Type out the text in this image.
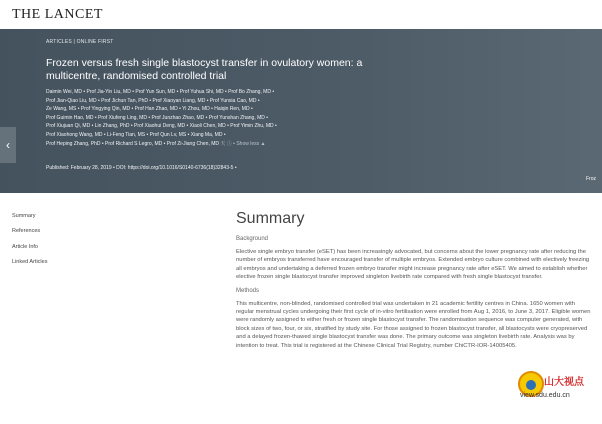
THE LANCET
ARTICLES | ONLINE FIRST
Frozen versus fresh single blastocyst transfer in ovulatory women: a
multicentre, randomised controlled trial
Daimin Wei, MD • Prof Jia-Yin Liu, MD • Prof Yun Sun, MD • Prof Yuhua Shi, MD • Prof Bo Zhang, MD •
Prof Jian-Qiao Liu, MD • Prof Jichun Tan, PhD • Prof Xiaoyan Liang, MD • Prof Yunxia Cao, MD •
Ze Wang, MS • Prof Yingying Qin, MD • Prof Han Zhao, MD • Yi Zhou, MD • Haiqin Ren, MD •
Prof Guimin Hao, MD • Prof Xiufeng Ling, MD • Prof Junzhao Zhao, MD • Prof Yunshan Zhang, MD •
Prof Xiujuan Qi, MD • Lin Zhang, PhD • Prof Xiaohui Deng, MD • Xiaoli Chen, MD • Prof Yimin Zhu, MD •
Prof Xiaohong Wang, MD • Li-Feng Tian, MS • Prof Qun Lv, MS • Xiang Ma, MD •
Prof Heping Zhang, PhD • Prof Richard S Legro, MD • Prof Zi-Jiang Chen, MD 天 ⓘ • Show less ▲
Published: February 28, 2019 • DOI: https://doi.org/10.1016/S0140-6736(18)32843-5 •
‹
Froz
Summary
References
Article Info
Linked Articles
Summary
Background

Elective single embryo transfer (eSET) has been increasingly advocated, but concerns about the lower pregnancy rate after reducing the number of embryos transferred have encouraged transfer of multiple embryos. Extended embryo culture combined with electively freezing all embryos and undertaking a deferred frozen embryo transfer might increase pregnancy rate after eSET. We aimed to establish whether elective frozen single blastocyst transfer improved singleton livebirth rate compared with fresh single blastocyst transfer.

Methods

This multicentre, non-blinded, randomised controlled trial was undertaken in 21 academic fertility centres in China. 1650 women with regular menstrual cycles undergoing their first cycle of in-vitro fertilisation were enrolled from Aug 1, 2016, to June 3, 2017. Eligible women were randomly assigned to either fresh or frozen single blastocyst transfer. The randomisation sequence was computer generated, with block sizes of two, four, or six, stratified by study site. For those assigned to frozen blastocyst transfer, all blastocysts were cryopreserved and a delayed frozen-thawed single blastocyst transfer was done. The primary outcome was singleton livebirth rate. Analysis was by intention to treat. This trial is registered at the Chinese Clinical Trial Registry, number ChiCTR-IOR-14005405.

山大视点
view.sdu.edu.cn
